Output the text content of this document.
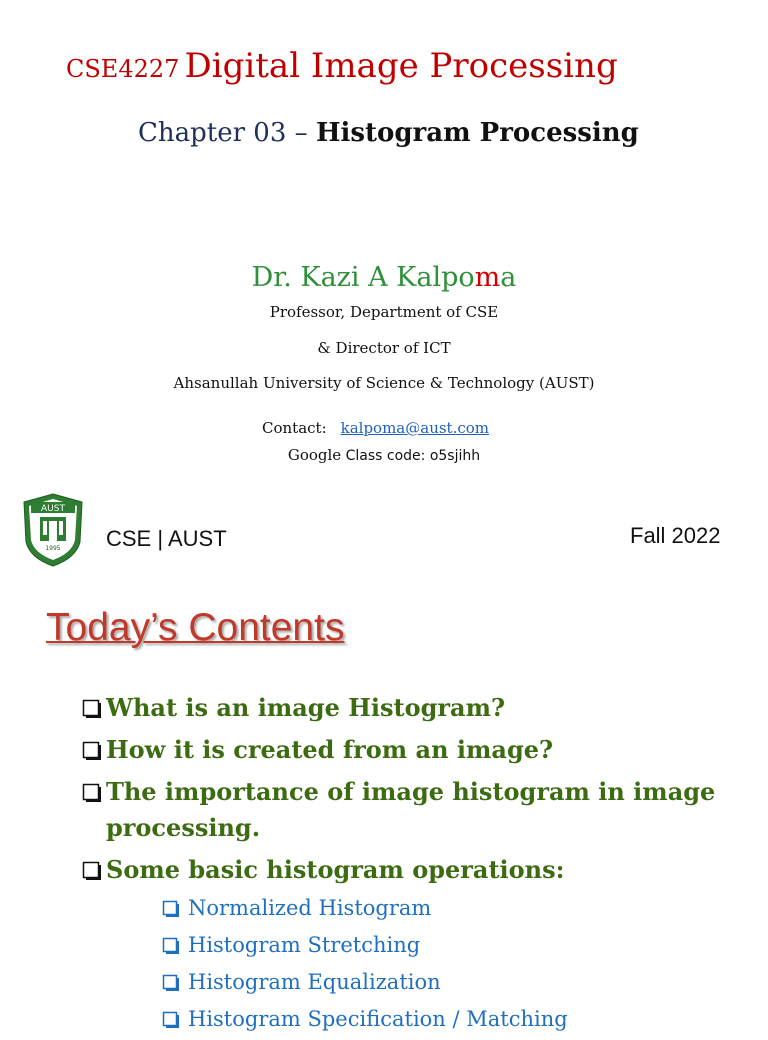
CSE4227 Digital Image Processing
Chapter 03 – Histogram Processing
Dr. Kazi A Kalpoma
Professor, Department of CSE
& Director of ICT
Ahsanullah University of Science & Technology (AUST)
Contact: kalpoma@aust.com
Google Class code: o5sjihh
AUST
1995 CSE | AUST	Fall 2022
Today’s Contents
What is an image Histogram?
How it is created from an image?
The importance of image histogram in image processing.
Some basic histogram operations:
Normalized Histogram
Histogram Stretching
Histogram Equalization
Histogram Specification / Matching
